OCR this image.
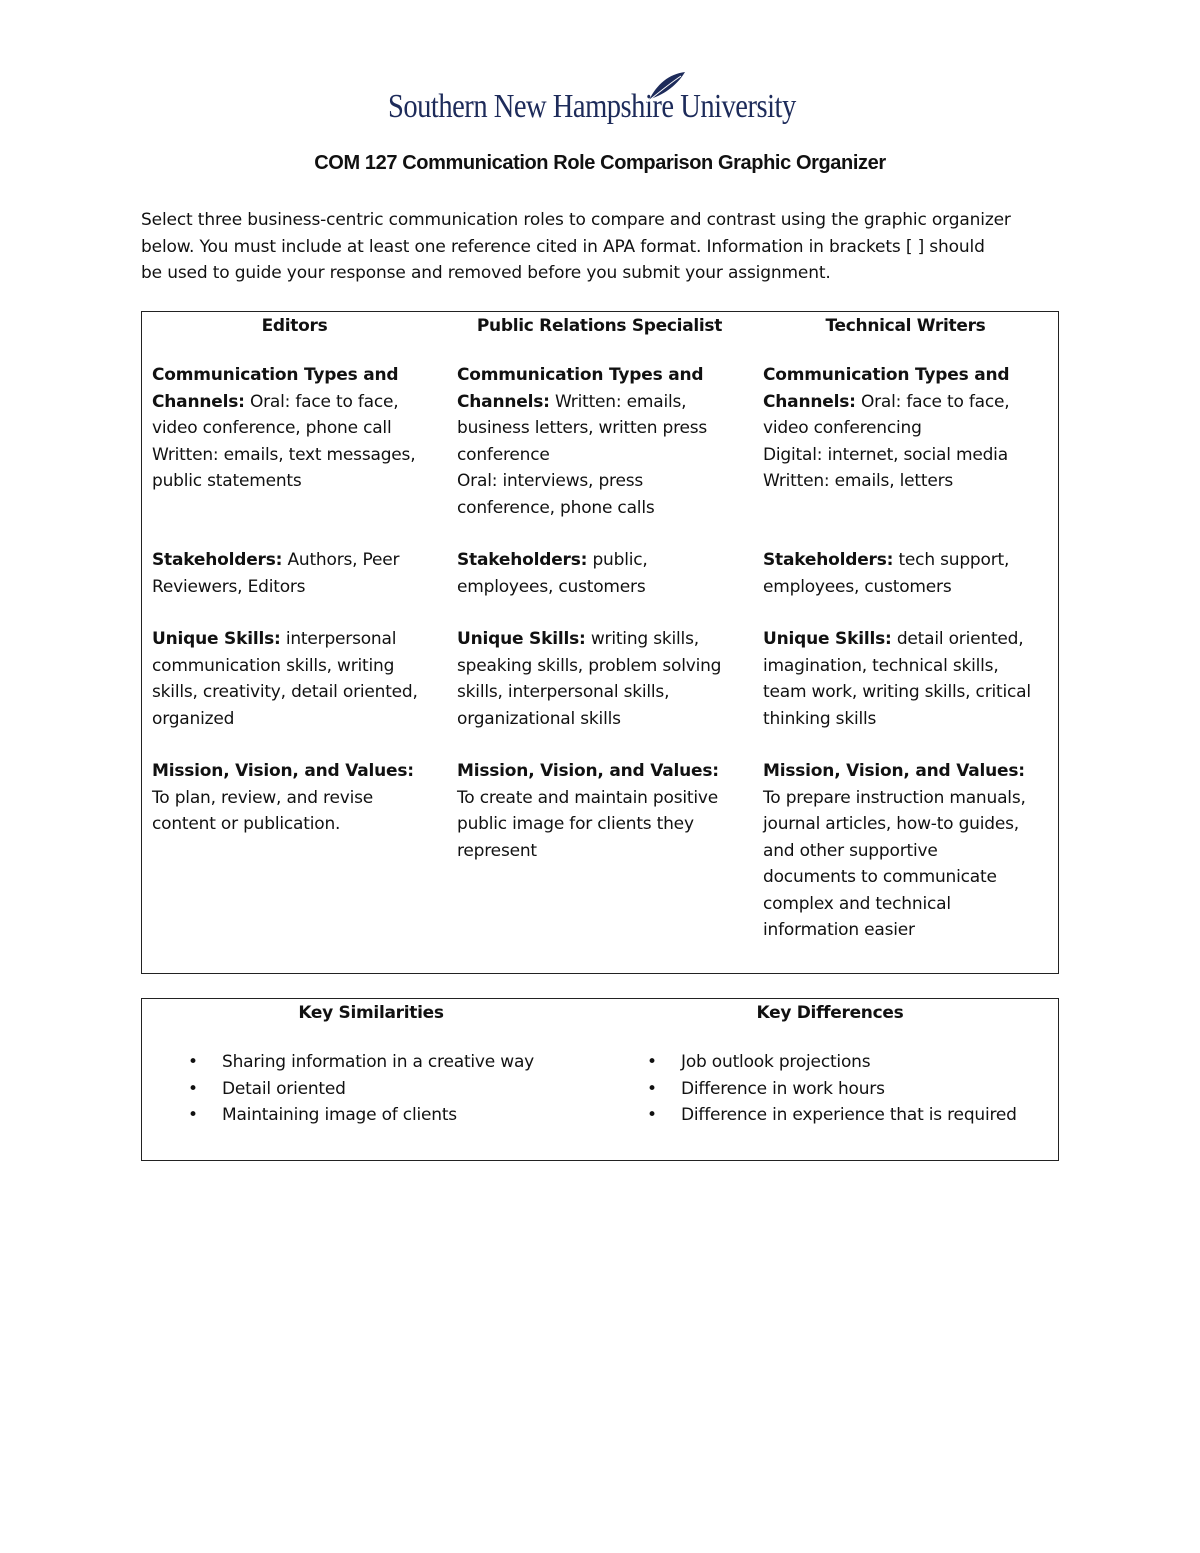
Southern New Hampshire University
COM 127 Communication Role Comparison Graphic Organizer
Select three business-centric communication roles to compare and contrast using the graphic organizer
below. You must include at least one reference cited in APA format. Information in brackets [ ] should
be used to guide your response and removed before you submit your assignment.
Editors
Communication Types and
Channels: Oral: face to face,
video conference, phone call
Written: emails, text messages,
public statements

Stakeholders: Authors, Peer
Reviewers, Editors
Unique Skills: interpersonal
communication skills, writing
skills, creativity, detail oriented,
organized
Mission, Vision, and Values:
To plan, review, and revise
content or publication.
Public Relations Specialist
Communication Types and
Channels: Written: emails,
business letters, written press
conference
Oral: interviews, press
conference, phone calls
Stakeholders: public,
employees, customers
Unique Skills: writing skills,
speaking skills, problem solving
skills, interpersonal skills,
organizational skills
Mission, Vision, and Values:
To create and maintain positive
public image for clients they
represent
Technical Writers
Communication Types and
Channels: Oral: face to face,
video conferencing
Digital: internet, social media
Written: emails, letters

Stakeholders: tech support,
employees, customers
Unique Skills: detail oriented,
imagination, technical skills,
team work, writing skills, critical
thinking skills
Mission, Vision, and Values:
To prepare instruction manuals,
journal articles, how-to guides,
and other supportive
documents to communicate
complex and technical
information easier
Key Similarities
• Sharing information in a creative way
• Detail oriented
• Maintaining image of clients
Key Differences
• Job outlook projections
• Difference in work hours
• Difference in experience that is required
